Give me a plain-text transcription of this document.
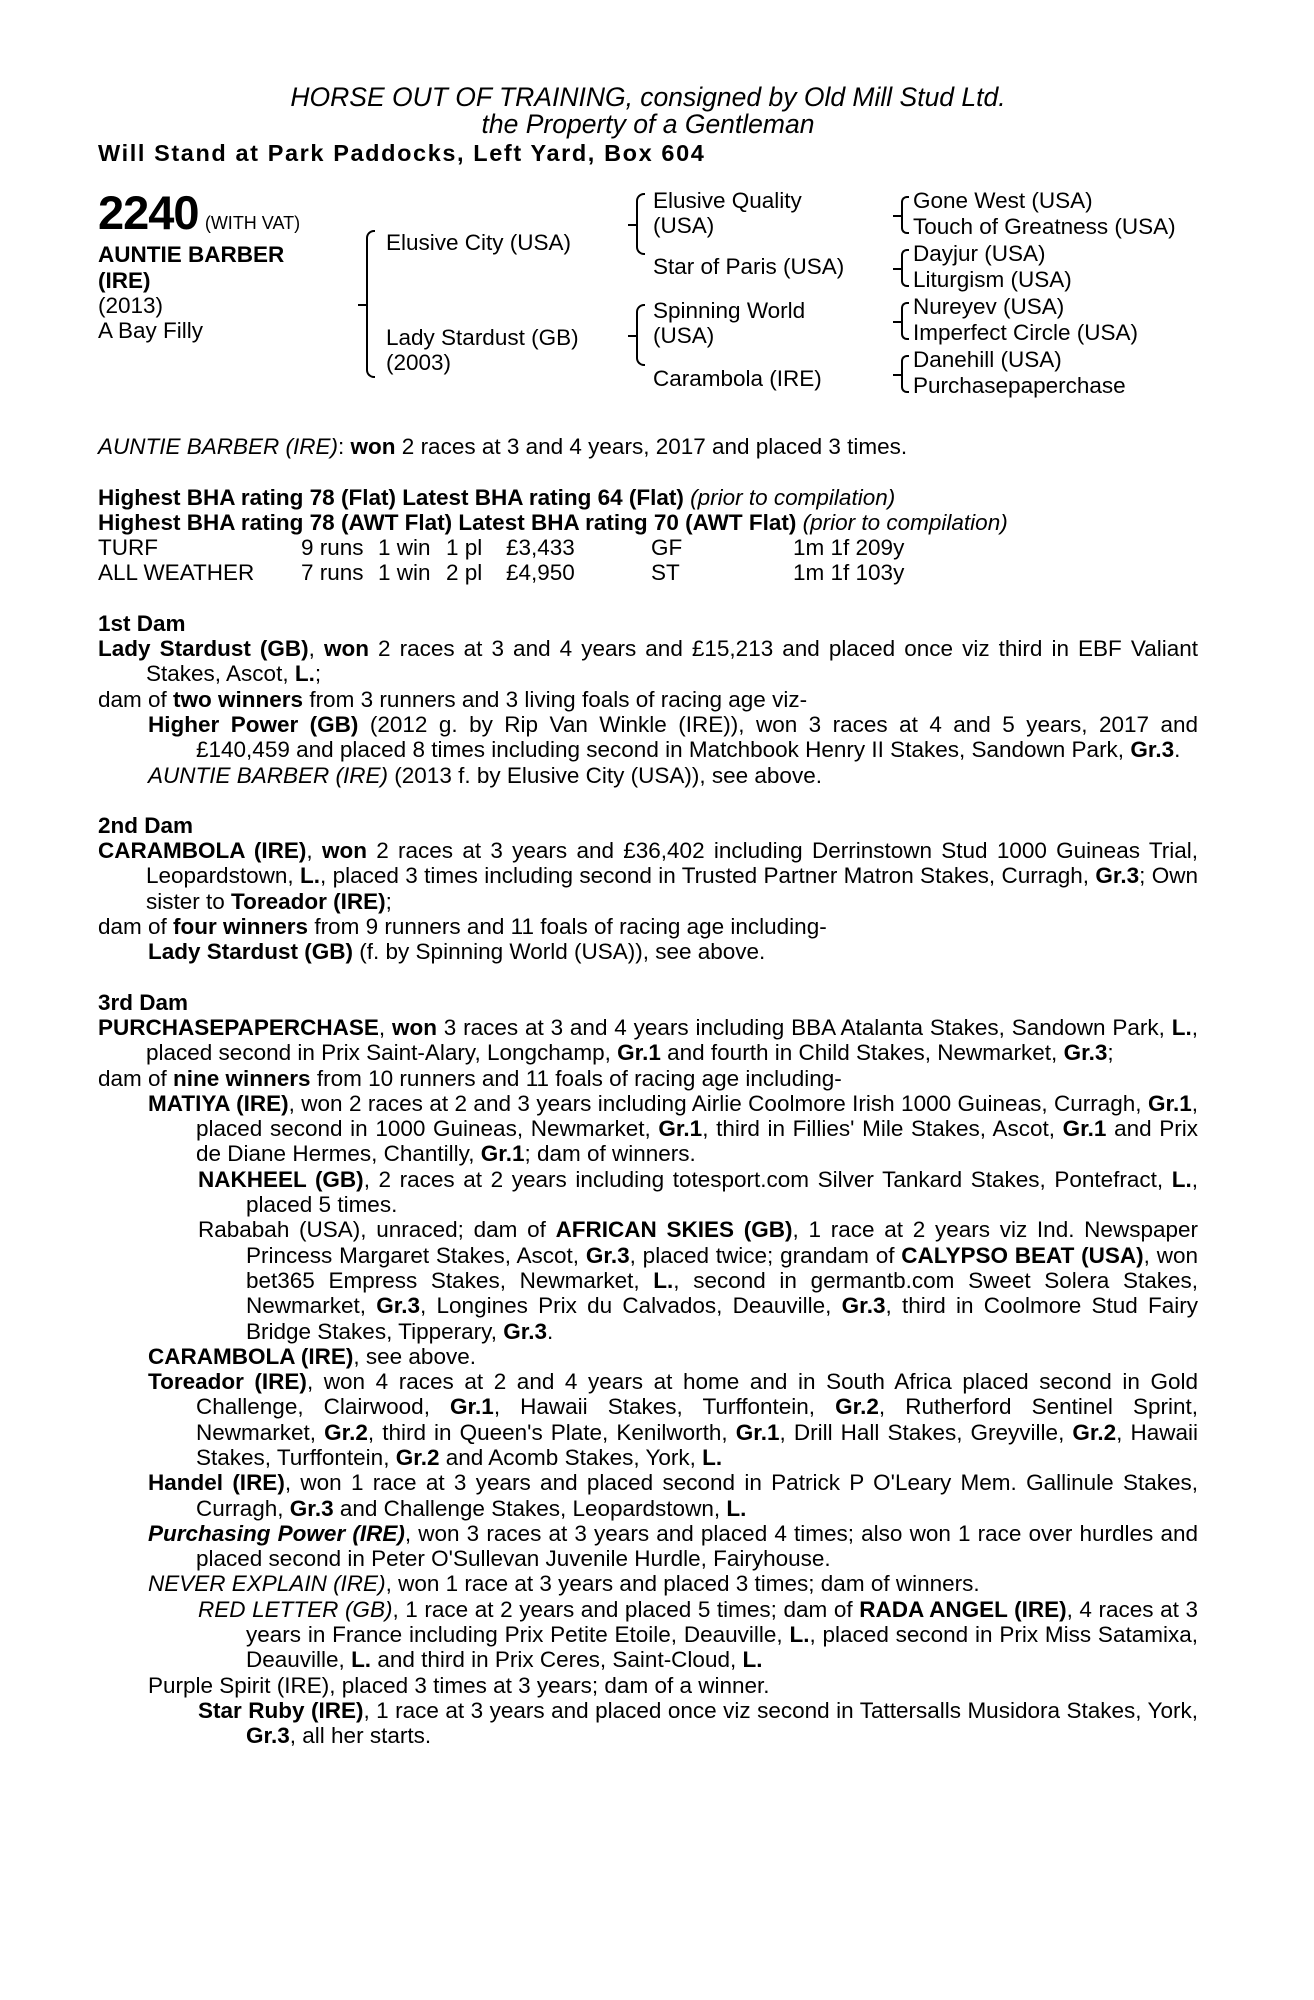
HORSE OUT OF TRAINING, consigned by Old Mill Stud Ltd.
the Property of a Gentleman
Will Stand at Park Paddocks, Left Yard, Box 604
2240 (WITH VAT)
AUNTIE BARBER
(IRE)
(2013)
A Bay Filly
Elusive City (USA)
Lady Stardust (GB)
(2003)
Elusive Quality
(USA)
Star of Paris (USA)
Spinning World
(USA)
Carambola (IRE)
Gone West (USA)
Touch of Greatness (USA)
Dayjur (USA)
Liturgism (USA)
Nureyev (USA)
Imperfect Circle (USA)
Danehill (USA)
Purchasepaperchase

AUNTIE BARBER (IRE): won 2 races at 3 and 4 years, 2017 and placed 3 times.

Highest BHA rating 78 (Flat) Latest BHA rating 64 (Flat) (prior to compilation)

Highest BHA rating 78 (AWT Flat) Latest BHA rating 70 (AWT Flat) (prior to compilation)

TURF	9 runs 1 win 1 pl	£3,433	GF	1m 1f 209y
ALL WEATHER	7 runs 1 win 2 pl	£4,950	ST	1m 1f 103y

1st Dam

Lady Stardust (GB), won 2 races at 3 and 4 years and £15,213 and placed once viz third in EBF Valiant Stakes, Ascot, L.;

dam of two winners from 3 runners and 3 living foals of racing age viz-

Higher Power (GB) (2012 g. by Rip Van Winkle (IRE)), won 3 races at 4 and 5 years, 2017 and £140,459 and placed 8 times including second in Matchbook Henry II Stakes, Sandown Park, Gr.3.

AUNTIE BARBER (IRE) (2013 f. by Elusive City (USA)), see above.

2nd Dam

CARAMBOLA (IRE), won 2 races at 3 years and £36,402 including Derrinstown Stud 1000 Guineas Trial, Leopardstown, L., placed 3 times including second in Trusted Partner Matron Stakes, Curragh, Gr.3; Own sister to Toreador (IRE);

dam of four winners from 9 runners and 11 foals of racing age including-

Lady Stardust (GB) (f. by Spinning World (USA)), see above.

3rd Dam

PURCHASEPAPERCHASE, won 3 races at 3 and 4 years including BBA Atalanta Stakes, Sandown Park, L., placed second in Prix Saint-Alary, Longchamp, Gr.1 and fourth in Child Stakes, Newmarket, Gr.3;

dam of nine winners from 10 runners and 11 foals of racing age including-

MATIYA (IRE), won 2 races at 2 and 3 years including Airlie Coolmore Irish 1000 Guineas, Curragh, Gr.1, placed second in 1000 Guineas, Newmarket, Gr.1, third in Fillies' Mile Stakes, Ascot, Gr.1 and Prix de Diane Hermes, Chantilly, Gr.1; dam of winners.

NAKHEEL (GB), 2 races at 2 years including totesport.com Silver Tankard Stakes, Pontefract, L., placed 5 times.

Rababah (USA), unraced; dam of AFRICAN SKIES (GB), 1 race at 2 years viz Ind. Newspaper Princess Margaret Stakes, Ascot, Gr.3, placed twice; grandam of CALYPSO BEAT (USA), won bet365 Empress Stakes, Newmarket, L., second in germantb.com Sweet Solera Stakes, Newmarket, Gr.3, Longines Prix du Calvados, Deauville, Gr.3, third in Coolmore Stud Fairy Bridge Stakes, Tipperary, Gr.3.

CARAMBOLA (IRE), see above.

Toreador (IRE), won 4 races at 2 and 4 years at home and in South Africa placed second in Gold Challenge, Clairwood, Gr.1, Hawaii Stakes, Turffontein, Gr.2, Rutherford Sentinel Sprint, Newmarket, Gr.2, third in Queen's Plate, Kenilworth, Gr.1, Drill Hall Stakes, Greyville, Gr.2, Hawaii Stakes, Turffontein, Gr.2 and Acomb Stakes, York, L.

Handel (IRE), won 1 race at 3 years and placed second in Patrick P O'Leary Mem. Gallinule Stakes, Curragh, Gr.3 and Challenge Stakes, Leopardstown, L.

Purchasing Power (IRE), won 3 races at 3 years and placed 4 times; also won 1 race over hurdles and placed second in Peter O'Sullevan Juvenile Hurdle, Fairyhouse.

NEVER EXPLAIN (IRE), won 1 race at 3 years and placed 3 times; dam of winners.

RED LETTER (GB), 1 race at 2 years and placed 5 times; dam of RADA ANGEL (IRE), 4 races at 3 years in France including Prix Petite Etoile, Deauville, L., placed second in Prix Miss Satamixa, Deauville, L. and third in Prix Ceres, Saint-Cloud, L.

Purple Spirit (IRE), placed 3 times at 3 years; dam of a winner.

Star Ruby (IRE), 1 race at 3 years and placed once viz second in Tattersalls Musidora Stakes, York, Gr.3, all her starts.
